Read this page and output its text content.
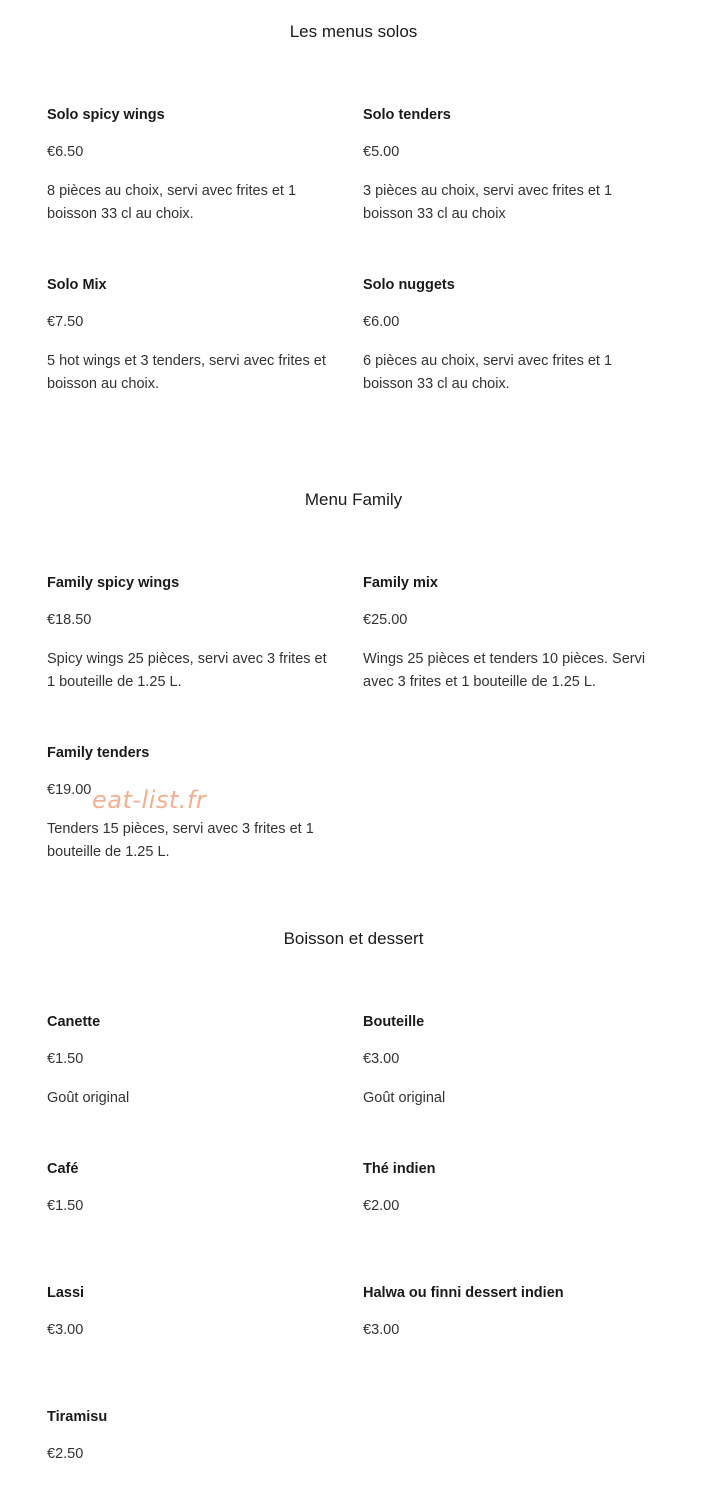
Les menus solos
Solo spicy wings
€6.50
8 pièces au choix, servi avec frites et 1 boisson 33 cl au choix.
Solo tenders
€5.00
3 pièces au choix, servi avec frites et 1 boisson 33 cl au choix
Solo Mix
€7.50
5 hot wings et 3 tenders, servi avec frites et boisson au choix.
Solo nuggets
€6.00
6 pièces au choix, servi avec frites et 1 boisson 33 cl au choix.
Menu Family
Family spicy wings
€18.50
Spicy wings 25 pièces, servi avec 3 frites et 1 bouteille de 1.25 L.
Family mix
€25.00
Wings 25 pièces et tenders 10 pièces. Servi avec 3 frites et 1 bouteille de 1.25 L.
Family tenders
€19.00
Tenders 15 pièces, servi avec 3 frites et 1 bouteille de 1.25 L.
eat-list.fr
Boisson et dessert
Canette
€1.50
Goût original
Bouteille
€3.00
Goût original
Café
€1.50
Thé indien
€2.00
Lassi
€3.00
Halwa ou finni dessert indien
€3.00
Tiramisu
€2.50
